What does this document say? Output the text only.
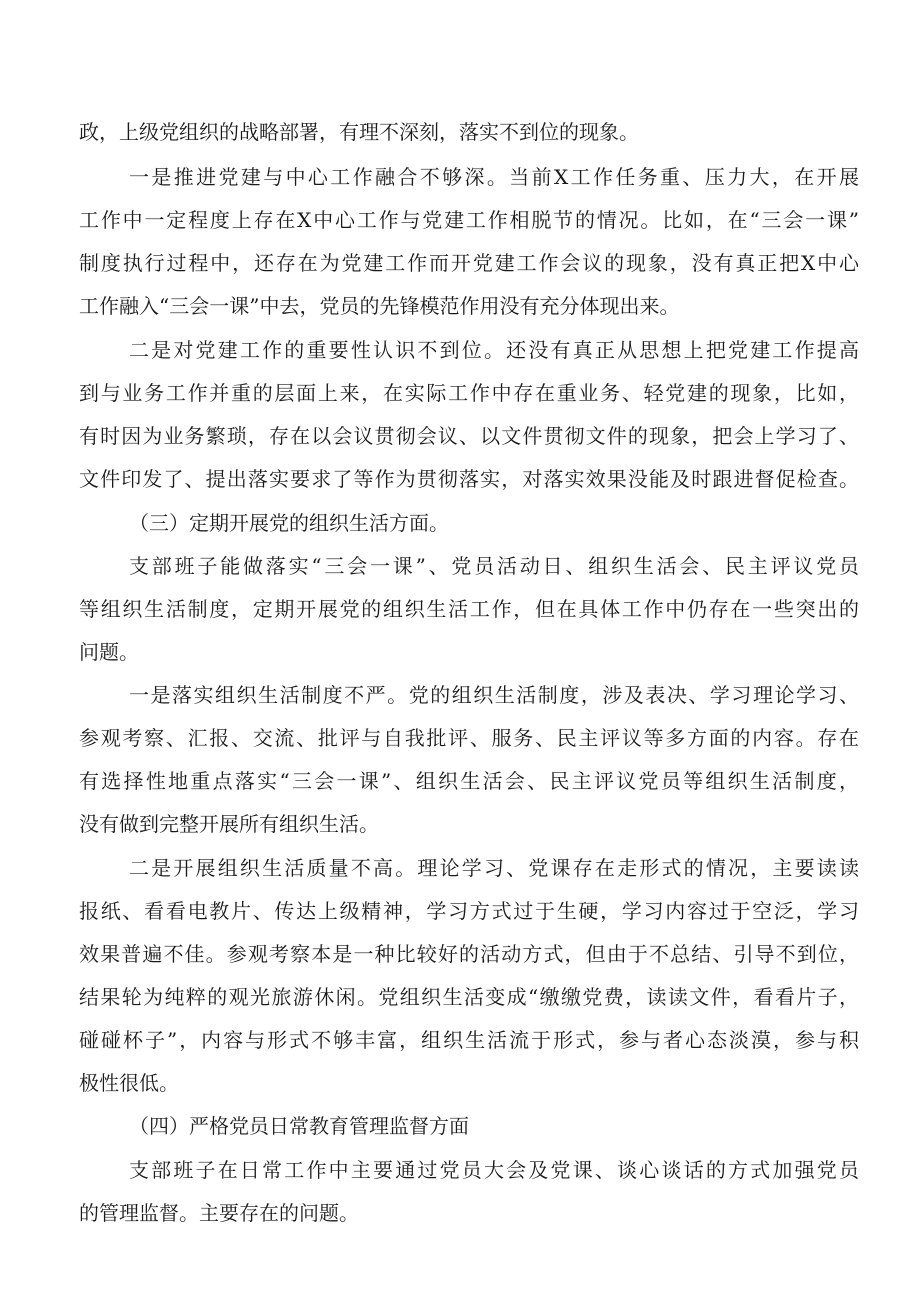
政，上级党组织的战略部署，有理不深刻，落实不到位的现象。
一是推进党建与中心工作融合不够深。当前X工作任务重、压力大，在开展
工作中一定程度上存在X中心工作与党建工作相脱节的情况。比如，在“三会一课”
制度执行过程中，还存在为党建工作而开党建工作会议的现象，没有真正把X中心
工作融入“三会一课”中去，党员的先锋模范作用没有充分体现出来。
二是对党建工作的重要性认识不到位。还没有真正从思想上把党建工作提高
到与业务工作并重的层面上来，在实际工作中存在重业务、轻党建的现象，比如，
有时因为业务繁琐，存在以会议贯彻会议、以文件贯彻文件的现象，把会上学习了、
文件印发了、提出落实要求了等作为贯彻落实，对落实效果没能及时跟进督促检查。
（三）定期开展党的组织生活方面。
支部班子能做落实“三会一课”、党员活动日、组织生活会、民主评议党员
等组织生活制度，定期开展党的组织生活工作，但在具体工作中仍存在一些突出的
问题。
一是落实组织生活制度不严。党的组织生活制度，涉及表决、学习理论学习、
参观考察、汇报、交流、批评与自我批评、服务、民主评议等多方面的内容。存在
有选择性地重点落实“三会一课”、组织生活会、民主评议党员等组织生活制度，
没有做到完整开展所有组织生活。
二是开展组织生活质量不高。理论学习、党课存在走形式的情况，主要读读
报纸、看看电教片、传达上级精神，学习方式过于生硬，学习内容过于空泛，学习
效果普遍不佳。参观考察本是一种比较好的活动方式，但由于不总结、引导不到位，
结果轮为纯粹的观光旅游休闲。党组织生活变成“缴缴党费，读读文件，看看片子，
碰碰杯子”，内容与形式不够丰富，组织生活流于形式，参与者心态淡漠，参与积
极性很低。
（四）严格党员日常教育管理监督方面
支部班子在日常工作中主要通过党员大会及党课、谈心谈话的方式加强党员
的管理监督。主要存在的问题。
